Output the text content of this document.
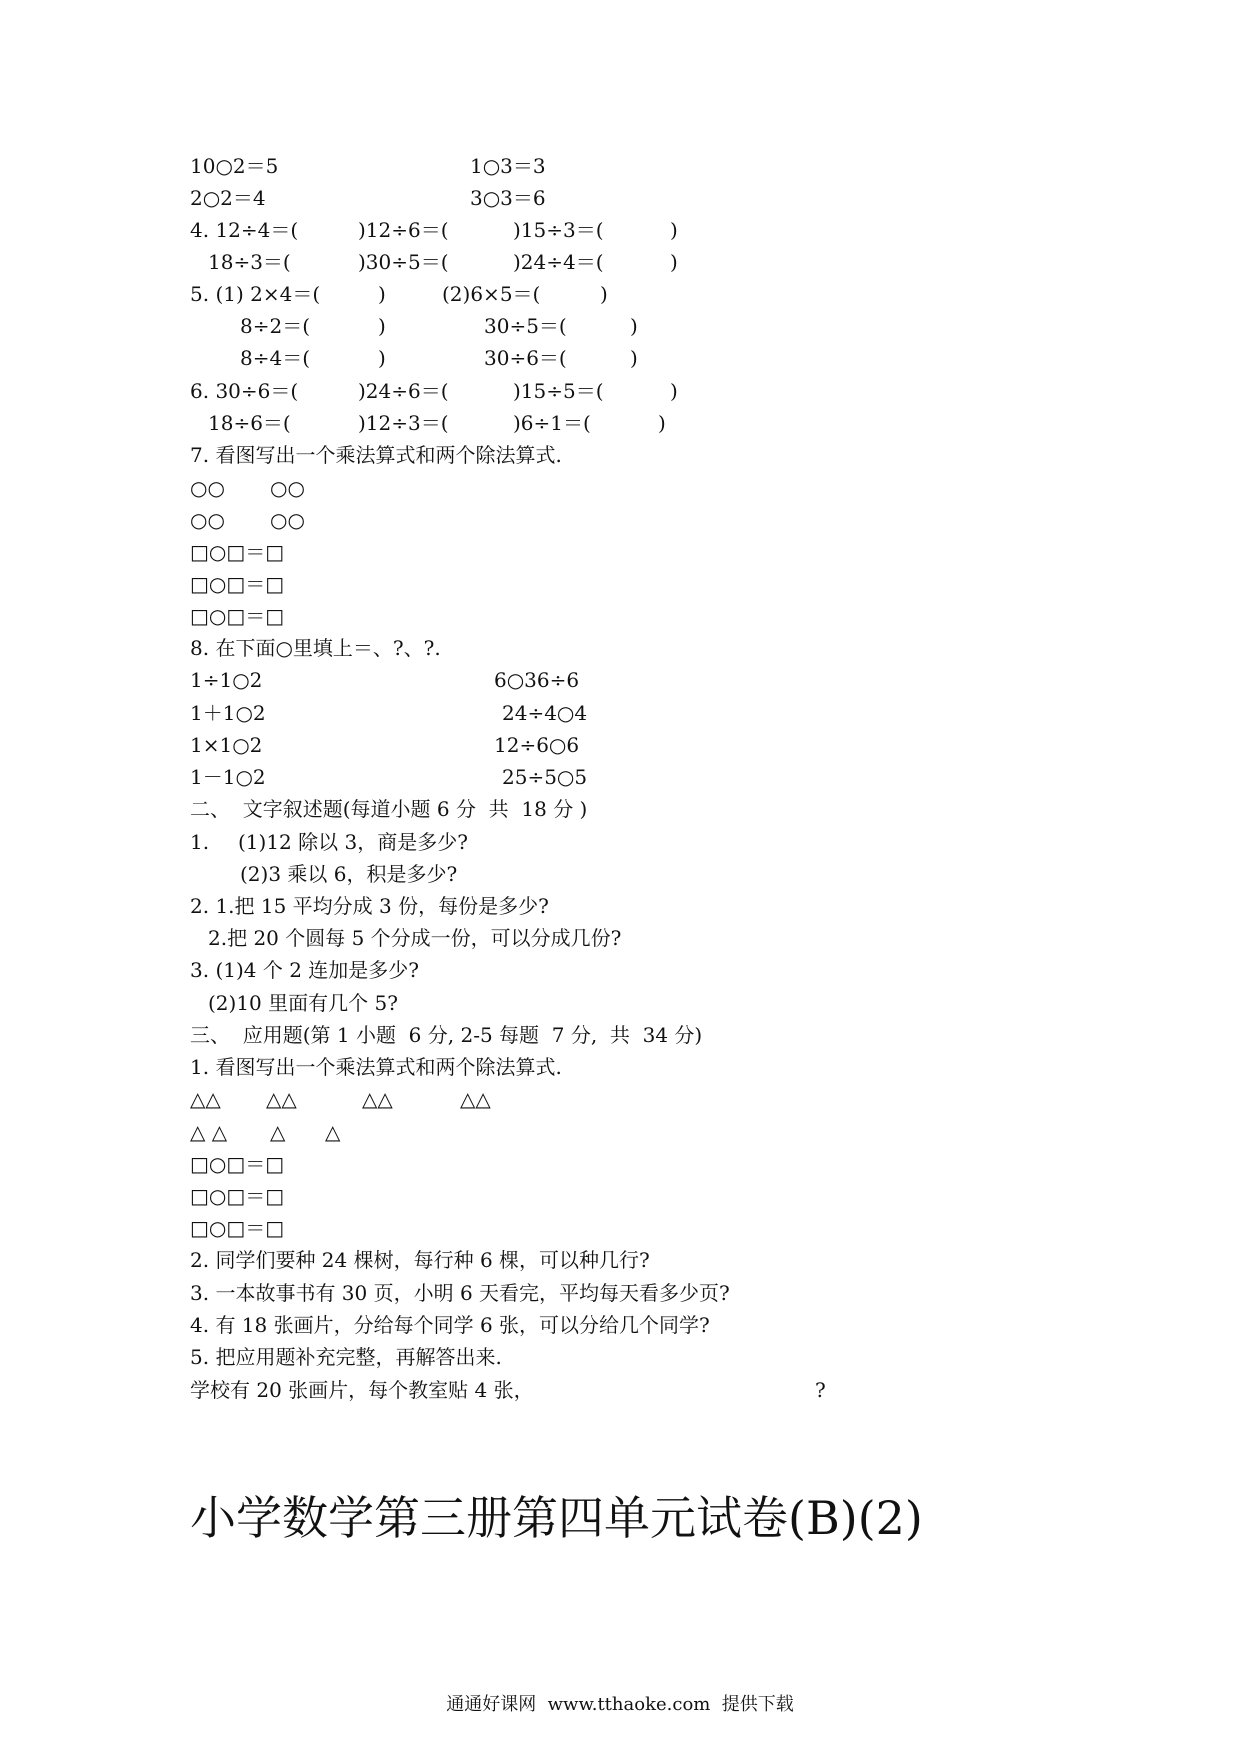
10○2＝5	1○3＝3
2○2＝4	3○3＝6
4. 12÷4＝(	)12÷6＝(	)15÷3＝(	)
18÷3＝(	)30÷5＝(	)24÷4＝(	)
5. (1) 2×4＝(	)	(2)6×5＝(	)
8÷2＝(	)	30÷5＝(	)
8÷4＝(	)	30÷6＝(	)
6. 30÷6＝(	)24÷6＝(	)15÷5＝(	)
18÷6＝(	)12÷3＝(	)6÷1＝(	)
7. 看图写出一个乘法算式和两个除法算式.
○○ ○○
○○ ○○
□○□＝□
□○□＝□
□○□＝□
8. 在下面○里填上＝、?、?.
1÷1○2	6○36÷6
1＋1○2	24÷4○4
1×1○2	12÷6○6
1－1○2	25÷5○5
二、  文字叙述题(每道小题 6 分  共  18 分 )
1. (1)12 除以 3，商是多少?
(2)3 乘以 6，积是多少?
2. 1.把 15 平均分成 3 份，每份是多少?
2.把 20 个圆每 5 个分成一份，可以分成几份?
3. (1)4 个 2 连加是多少?
(2)10 里面有几个 5?
三、  应用题(第 1 小题  6 分, 2-5 每题  7 分,  共  34 分)
1. 看图写出一个乘法算式和两个除法算式.
△△ △△	△△	△△
△ △ △ △
□○□＝□
□○□＝□
□○□＝□
2. 同学们要种 24 棵树，每行种 6 棵，可以种几行?
3. 一本故事书有 30 页，小明 6 天看完，平均每天看多少页?
4. 有 18 张画片，分给每个同学 6 张，可以分给几个同学?
5. 把应用题补充完整，再解答出来.
学校有 20 张画片，每个教室贴 4 张，	?
小学数学第三册第四单元试卷(B)(2)
通通好课网  www.tthaoke.com  提供下载
